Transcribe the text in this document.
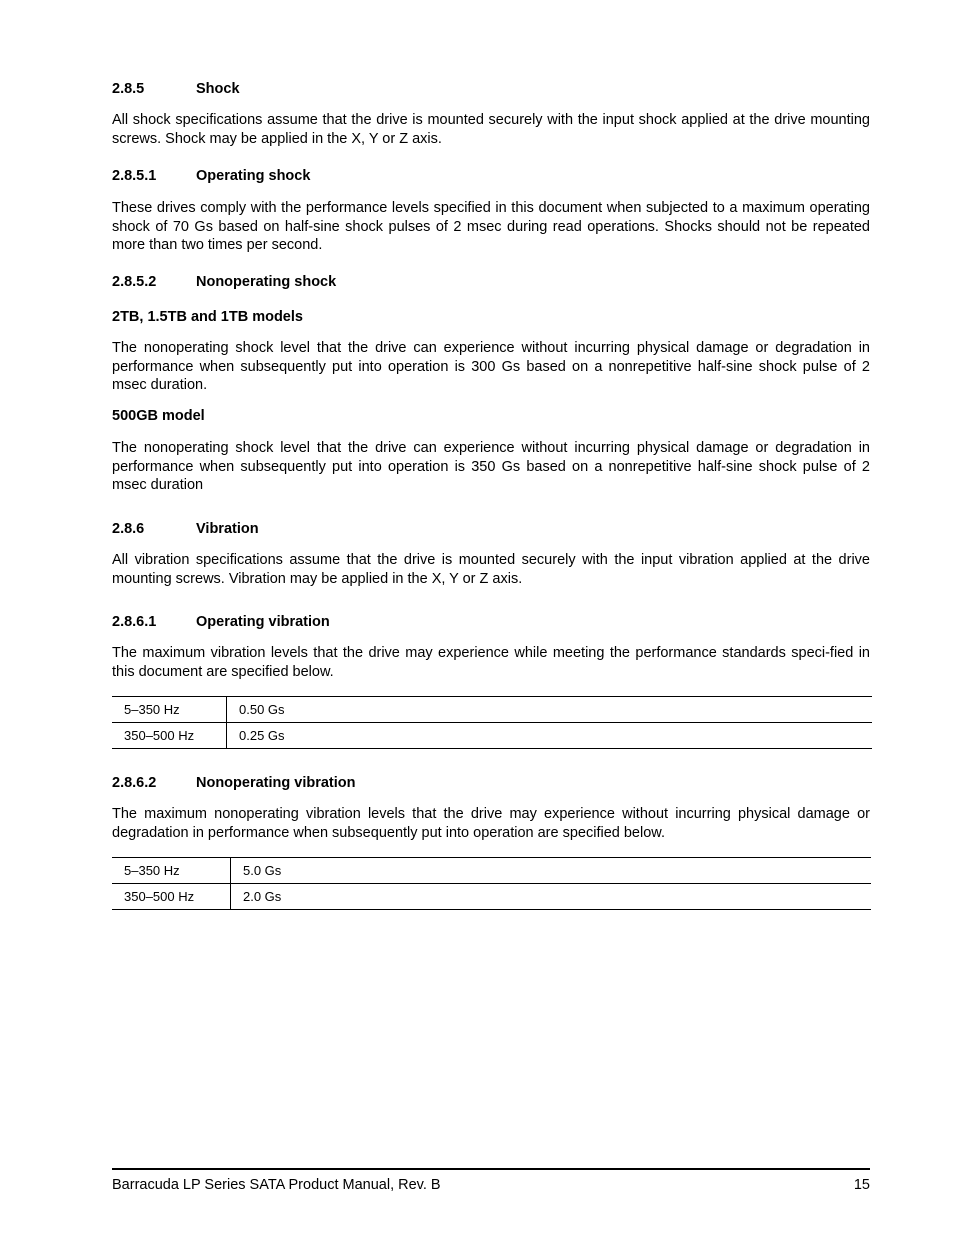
2.8.5	Shock
All shock specifications assume that the drive is mounted securely with the input shock applied at the drive mounting screws. Shock may be applied in the X, Y or Z axis.
2.8.5.1	Operating shock
These drives comply with the performance levels specified in this document when subjected to a maximum operating shock of 70 Gs based on half-sine shock pulses of 2 msec during read operations. Shocks should not be repeated more than two times per second.
2.8.5.2	Nonoperating shock
2TB, 1.5TB and 1TB models
The nonoperating shock level that the drive can experience without incurring physical damage or degradation in performance when subsequently put into operation is 300 Gs based on a nonrepetitive half-sine shock pulse of 2 msec duration.
500GB model
The nonoperating shock level that the drive can experience without incurring physical damage or degradation in performance when subsequently put into operation is 350 Gs based on a nonrepetitive half-sine shock pulse of 2 msec duration
2.8.6	Vibration
All vibration specifications assume that the drive is mounted securely with the input vibration applied at the drive mounting screws. Vibration may be applied in the X, Y or Z axis.
2.8.6.1	Operating vibration
The maximum vibration levels that the drive may experience while meeting the performance standards speci-fied in this document are specified below.
5–350 Hz	0.50 Gs
350–500 Hz	0.25 Gs
2.8.6.2	Nonoperating vibration
The maximum nonoperating vibration levels that the drive may experience without incurring physical damage or degradation in performance when subsequently put into operation are specified below.
5–350 Hz	5.0 Gs
350–500 Hz	2.0 Gs
Barracuda LP Series SATA Product Manual, Rev. B	15
